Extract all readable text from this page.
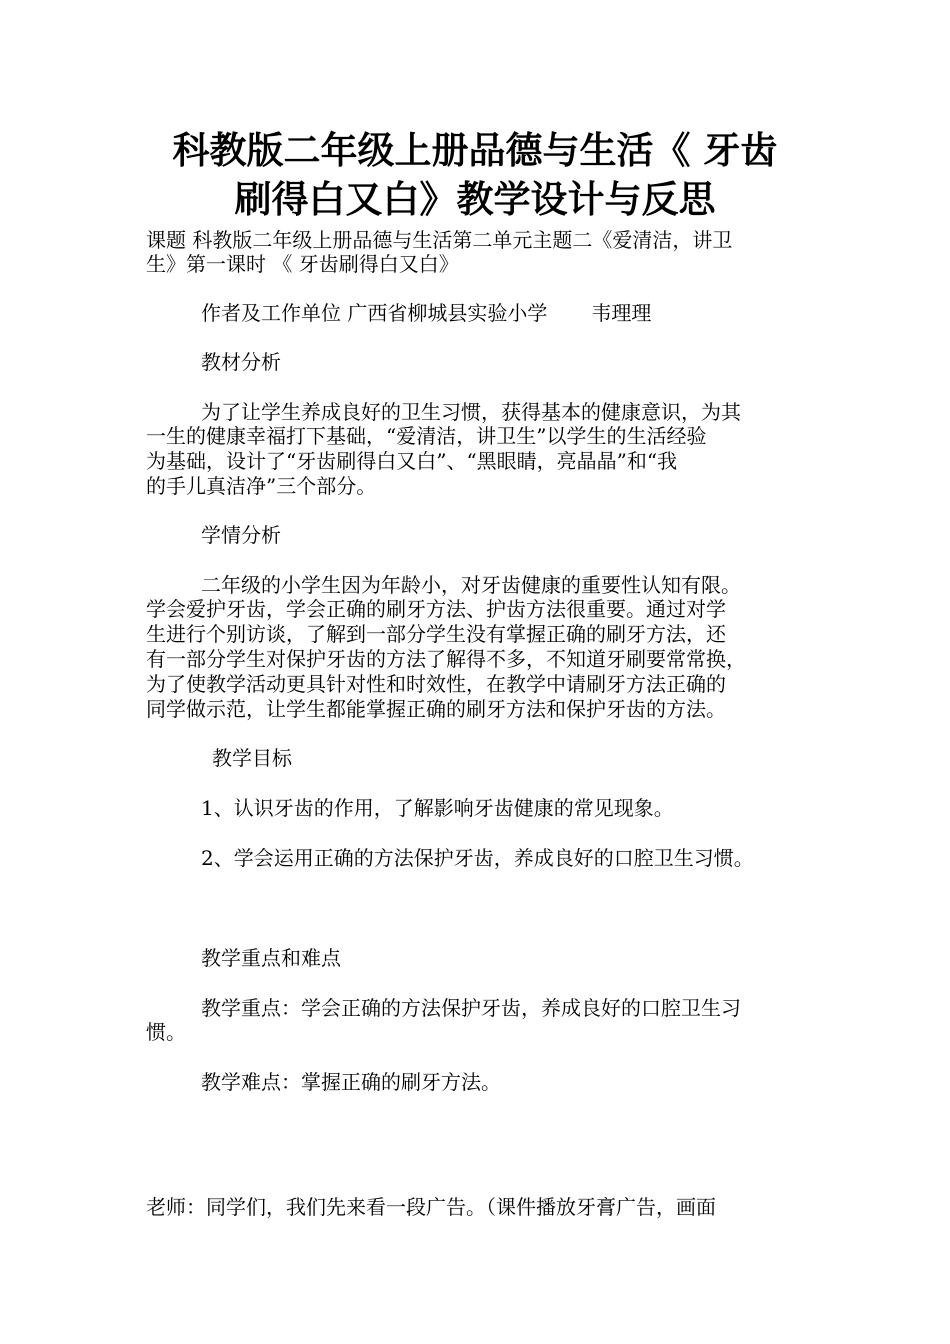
科教版二年级上册品德与生活《 牙齿
刷得白又白》教学设计与反思

课题 科教版二年级上册品德与生活第二单元主题二《爱清洁，讲卫

生》第一课时 《 牙齿刷得白又白》

作者及工作单位 广西省柳城县实验小学 韦理理

教材分析

为了让学生养成良好的卫生习惯，获得基本的健康意识，为其

一生的健康幸福打下基础，“爱清洁，讲卫生”以学生的生活经验

为基础，设计了“牙齿刷得白又白”、“黑眼睛，亮晶晶”和“我

的手儿真洁净”三个部分。

学情分析

二年级的小学生因为年龄小，对牙齿健康的重要性认知有限。

学会爱护牙齿，学会正确的刷牙方法、护齿方法很重要。通过对学

生进行个别访谈，了解到一部分学生没有掌握正确的刷牙方法，还

有一部分学生对保护牙齿的方法了解得不多，不知道牙刷要常常换，

为了使教学活动更具针对性和时效性，在教学中请刷牙方法正确的

同学做示范，让学生都能掌握正确的刷牙方法和保护牙齿的方法。

教学目标

1、认识牙齿的作用，了解影响牙齿健康的常见现象。

2、学会运用正确的方法保护牙齿，养成良好的口腔卫生习惯。

教学重点和难点

教学重点：学会正确的方法保护牙齿，养成良好的口腔卫生习

惯。

教学难点：掌握正确的刷牙方法。

老师：同学们，我们先来看一段广告。（课件播放牙膏广告，画面
